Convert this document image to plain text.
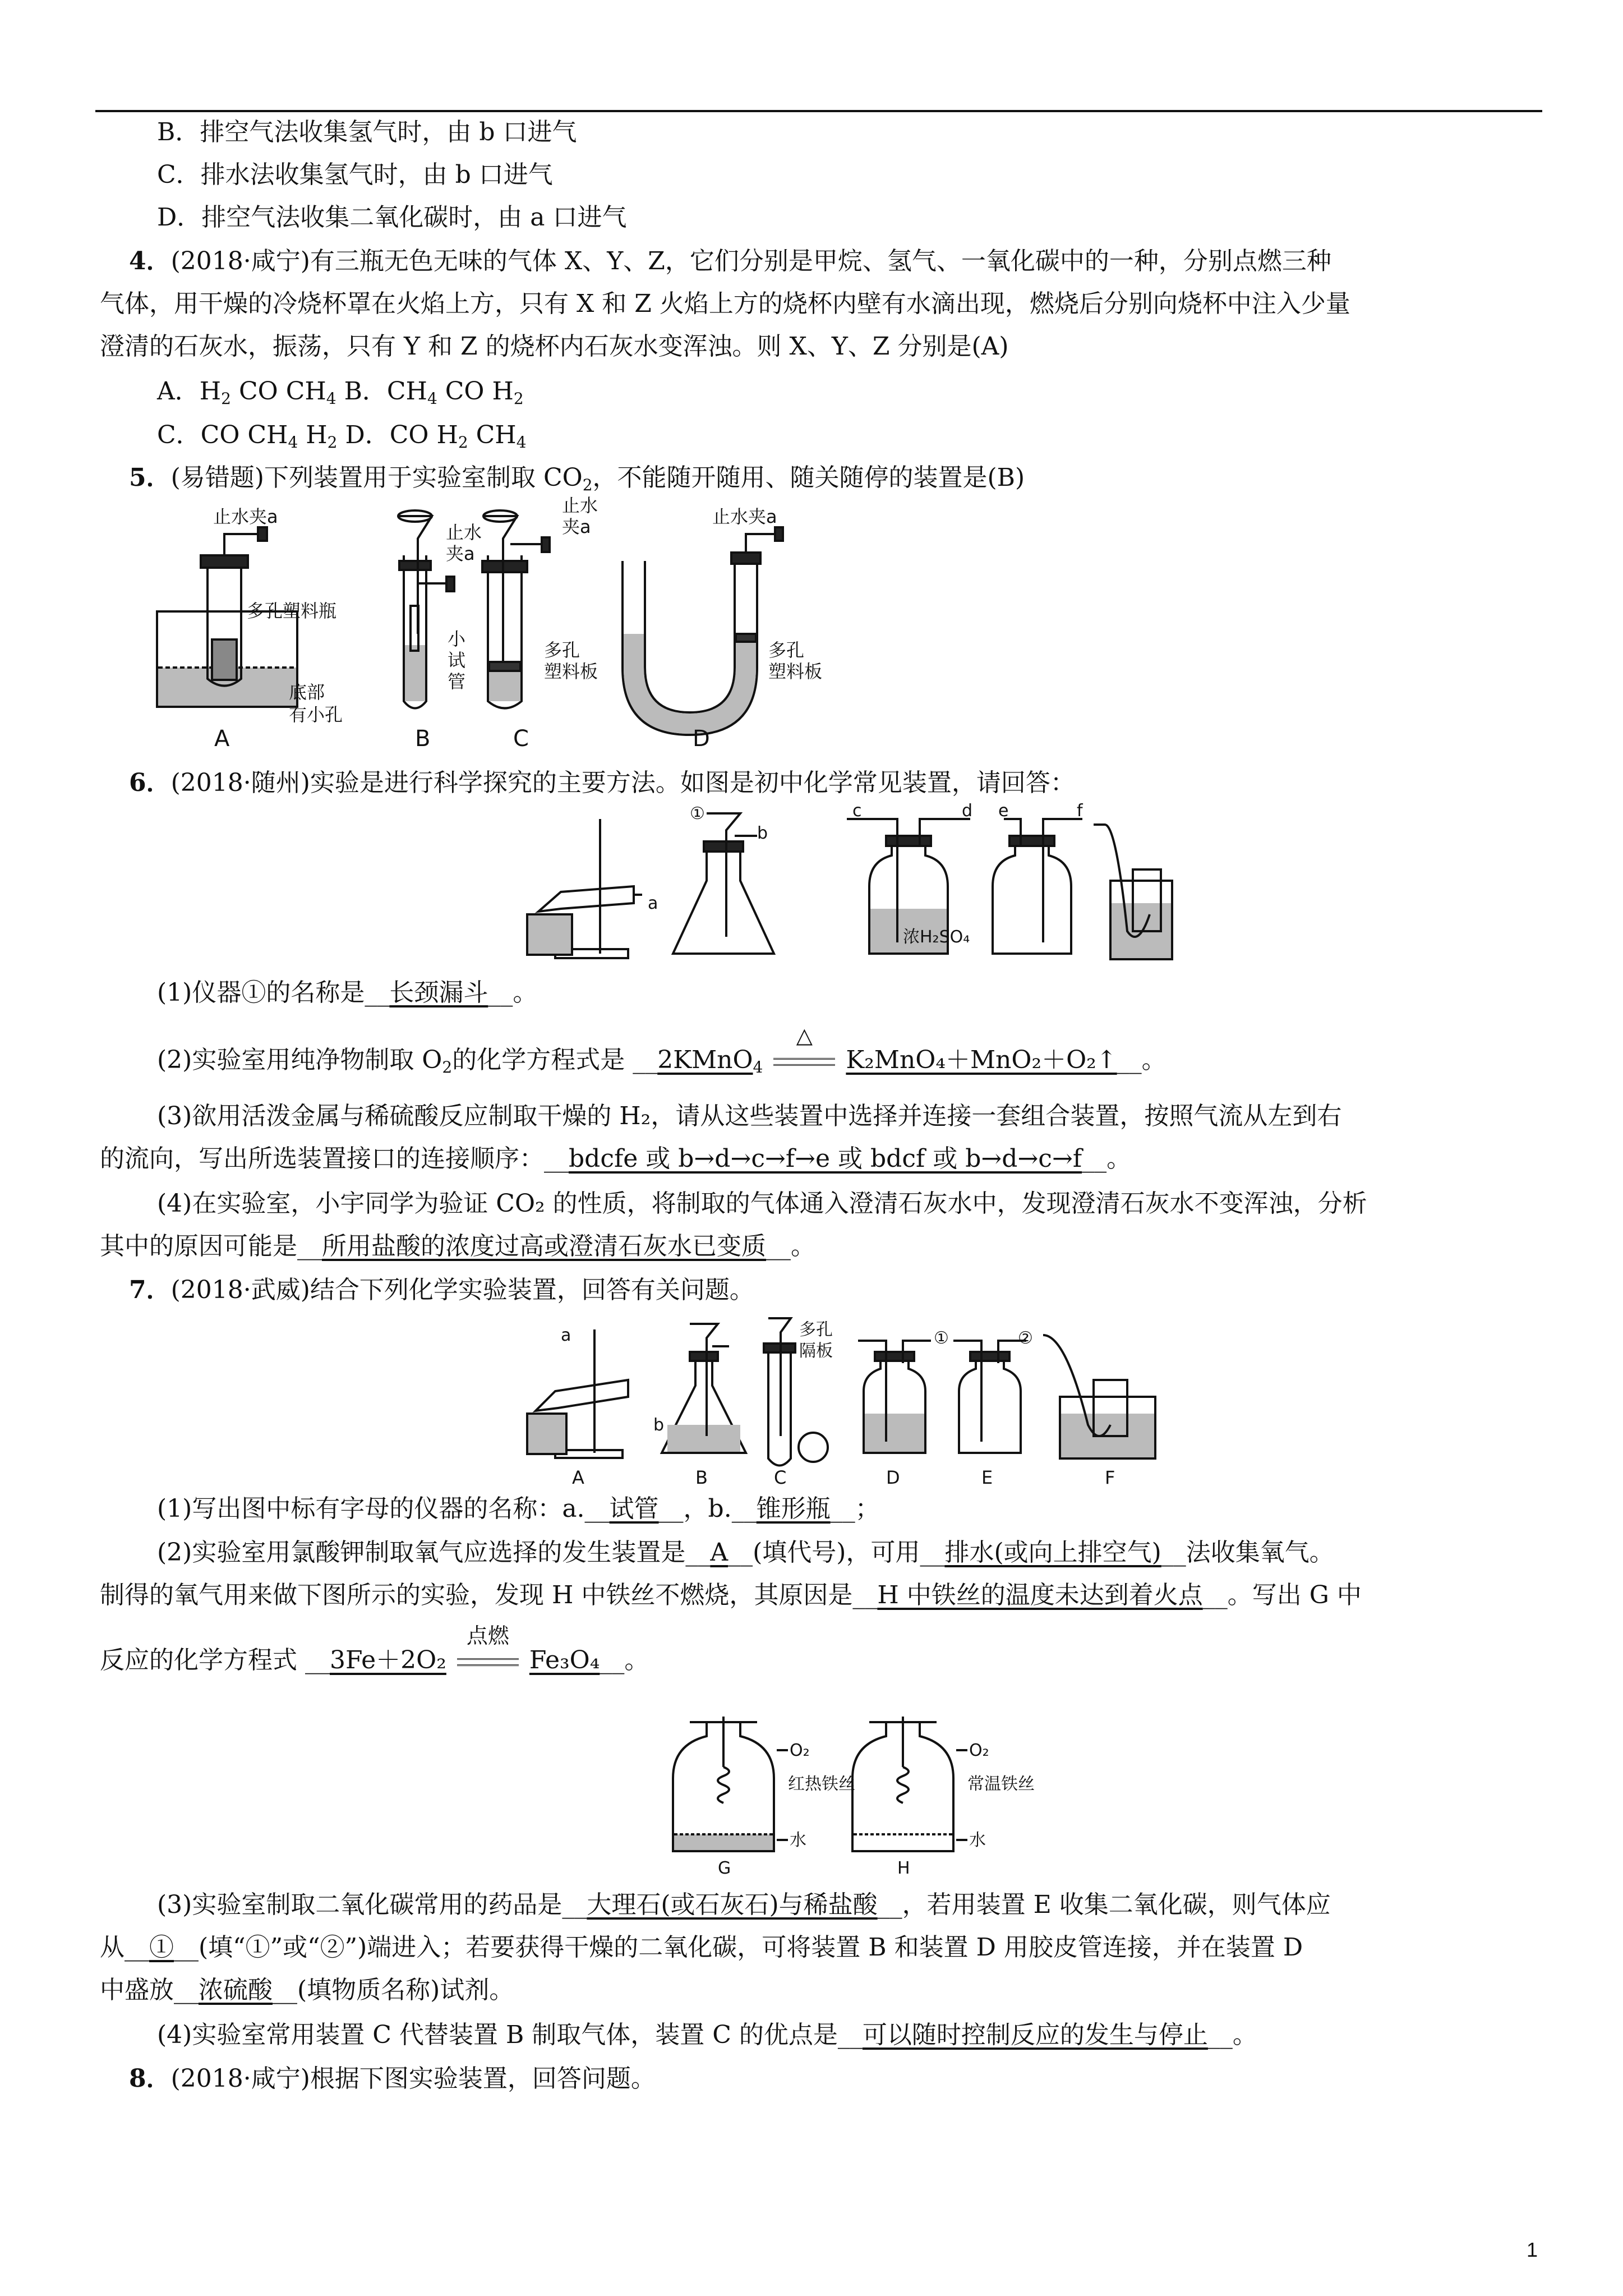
B．排空气法收集氢气时，由 b 口进气
C．排水法收集氢气时，由 b 口进气
D．排空气法收集二氧化碳时，由 a 口进气
4．(2018·咸宁)有三瓶无色无味的气体 X、Y、Z，它们分别是甲烷、氢气、一氧化碳中的一种，分别点燃三种
气体，用干燥的冷烧杯罩在火焰上方，只有 X 和 Z 火焰上方的烧杯内壁有水滴出现，燃烧后分别向烧杯中注入少量
澄清的石灰水，振荡，只有 Y 和 Z 的烧杯内石灰水变浑浊。则 X、Y、Z 分别是(A)
A．$H_2$ CO $CH_4$ B．$CH_4$ CO $H_2$
C．CO $CH_4$ $H_2$ D．CO $H_2$ $CH_4$
5．(易错题)下列装置用于实验室制取 $CO_2$，不能随开随用、随关随停的装置是(B)
止水夹a
多孔塑料瓶
底部
有小孔
止水
夹a
小
试
管
止水
夹a
多孔
塑料板
止水夹a
多孔
塑料板
A	B	C	D
6．(2018·随州)实验是进行科学探究的主要方法。如图是初中化学常见装置，请回答：
①
a
b
c	d e	f
浓H₂SO₄
(1)仪器①的名称是__长颈漏斗__。
(2)实验室用纯净物制取 $O_2$的化学方程式是 __2KMnO$_4$
△
K₂MnO₄＋MnO₂＋O₂↑__。
(3)欲用活泼金属与稀硫酸反应制取干燥的 H₂，请从这些装置中选择并连接一套组合装置，按照气流从左到右
的流向，写出所选装置接口的连接顺序：__bdcfe 或 b→d→c→f→e 或 bdcf 或 b→d→c→f__。
(4)在实验室，小宇同学为验证 CO₂ 的性质，将制取的气体通入澄清石灰水中，发现澄清石灰水不变浑浊，分析
其中的原因可能是__所用盐酸的浓度过高或澄清石灰水已变质__。
7．(2018·武威)结合下列化学实验装置，回答有关问题。
a
b
多孔
隔板
①	②
A	B	C	D	E	F
(1)写出图中标有字母的仪器的名称：a.__试管__，b.__锥形瓶__；
(2)实验室用氯酸钾制取氧气应选择的发生装置是__A__(填代号)，可用__排水(或向上排空气)__法收集氧气。
制得的氧气用来做下图所示的实验，发现 H 中铁丝不燃烧，其原因是__H 中铁丝的温度未达到着火点__。写出 G 中
反应的化学方程式 __3Fe＋2O₂
点燃
Fe₃O₄__。
O₂
红热铁丝
水
O₂
常温铁丝
水
G	H
(3)实验室制取二氧化碳常用的药品是__大理石(或石灰石)与稀盐酸__，若用装置 E 收集二氧化碳，则气体应
从__①__(填“①”或“②”)端进入；若要获得干燥的二氧化碳，可将装置 B 和装置 D 用胶皮管连接，并在装置 D
中盛放__浓硫酸__(填物质名称)试剂。
(4)实验室常用装置 C 代替装置 B 制取气体，装置 C 的优点是__可以随时控制反应的发生与停止__。
8．(2018·咸宁)根据下图实验装置，回答问题。
1
